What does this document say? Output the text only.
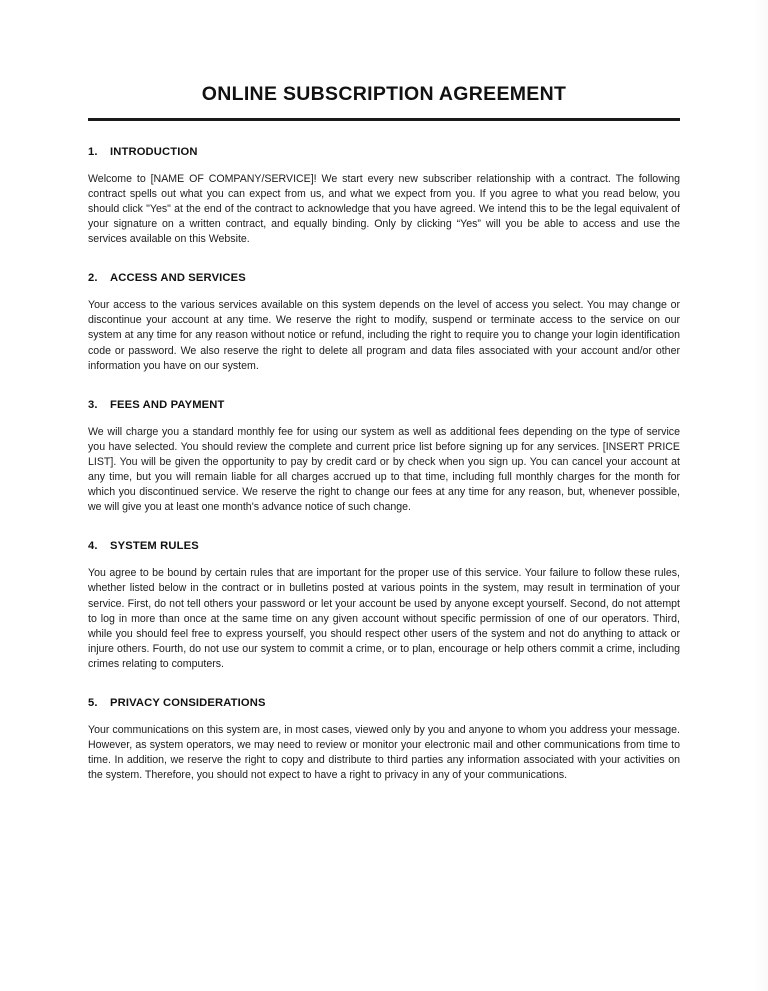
ONLINE SUBSCRIPTION AGREEMENT
1.	INTRODUCTION

Welcome to [NAME OF COMPANY/SERVICE]! We start every new subscriber relationship with a contract. The following contract spells out what you can expect from us, and what we expect from you. If you agree to what you read below, you should click "Yes" at the end of the contract to acknowledge that you have agreed. We intend this to be the legal equivalent of your signature on a written contract, and equally binding. Only by clicking “Yes” will you be able to access and use the services available on this Website.

2.	ACCESS AND SERVICES

Your access to the various services available on this system depends on the level of access you select. You may change or discontinue your account at any time. We reserve the right to modify, suspend or terminate access to the service on our system at any time for any reason without notice or refund, including the right to require you to change your login identification code or password. We also reserve the right to delete all program and data files associated with your account and/or other information you have on our system.

3.	FEES AND PAYMENT

We will charge you a standard monthly fee for using our system as well as additional fees depending on the type of service you have selected. You should review the complete and current price list before signing up for any services. [INSERT PRICE LIST]. You will be given the opportunity to pay by credit card or by check when you sign up. You can cancel your account at any time, but you will remain liable for all charges accrued up to that time, including full monthly charges for the month for which you discontinued service. We reserve the right to change our fees at any time for any reason, but, whenever possible, we will give you at least one month's advance notice of such change.

4.	SYSTEM RULES

You agree to be bound by certain rules that are important for the proper use of this service. Your failure to follow these rules, whether listed below in the contract or in bulletins posted at various points in the system, may result in termination of your service. First, do not tell others your password or let your account be used by anyone except yourself. Second, do not attempt to log in more than once at the same time on any given account without specific permission of one of our operators. Third, while you should feel free to express yourself, you should respect other users of the system and not do anything to attack or injure others. Fourth, do not use our system to commit a crime, or to plan, encourage or help others commit a crime, including crimes relating to computers.

5.	PRIVACY CONSIDERATIONS

Your communications on this system are, in most cases, viewed only by you and anyone to whom you address your message. However, as system operators, we may need to review or monitor your electronic mail and other communications from time to time. In addition, we reserve the right to copy and distribute to third parties any information associated with your activities on the system. Therefore, you should not expect to have a right to privacy in any of your communications.
